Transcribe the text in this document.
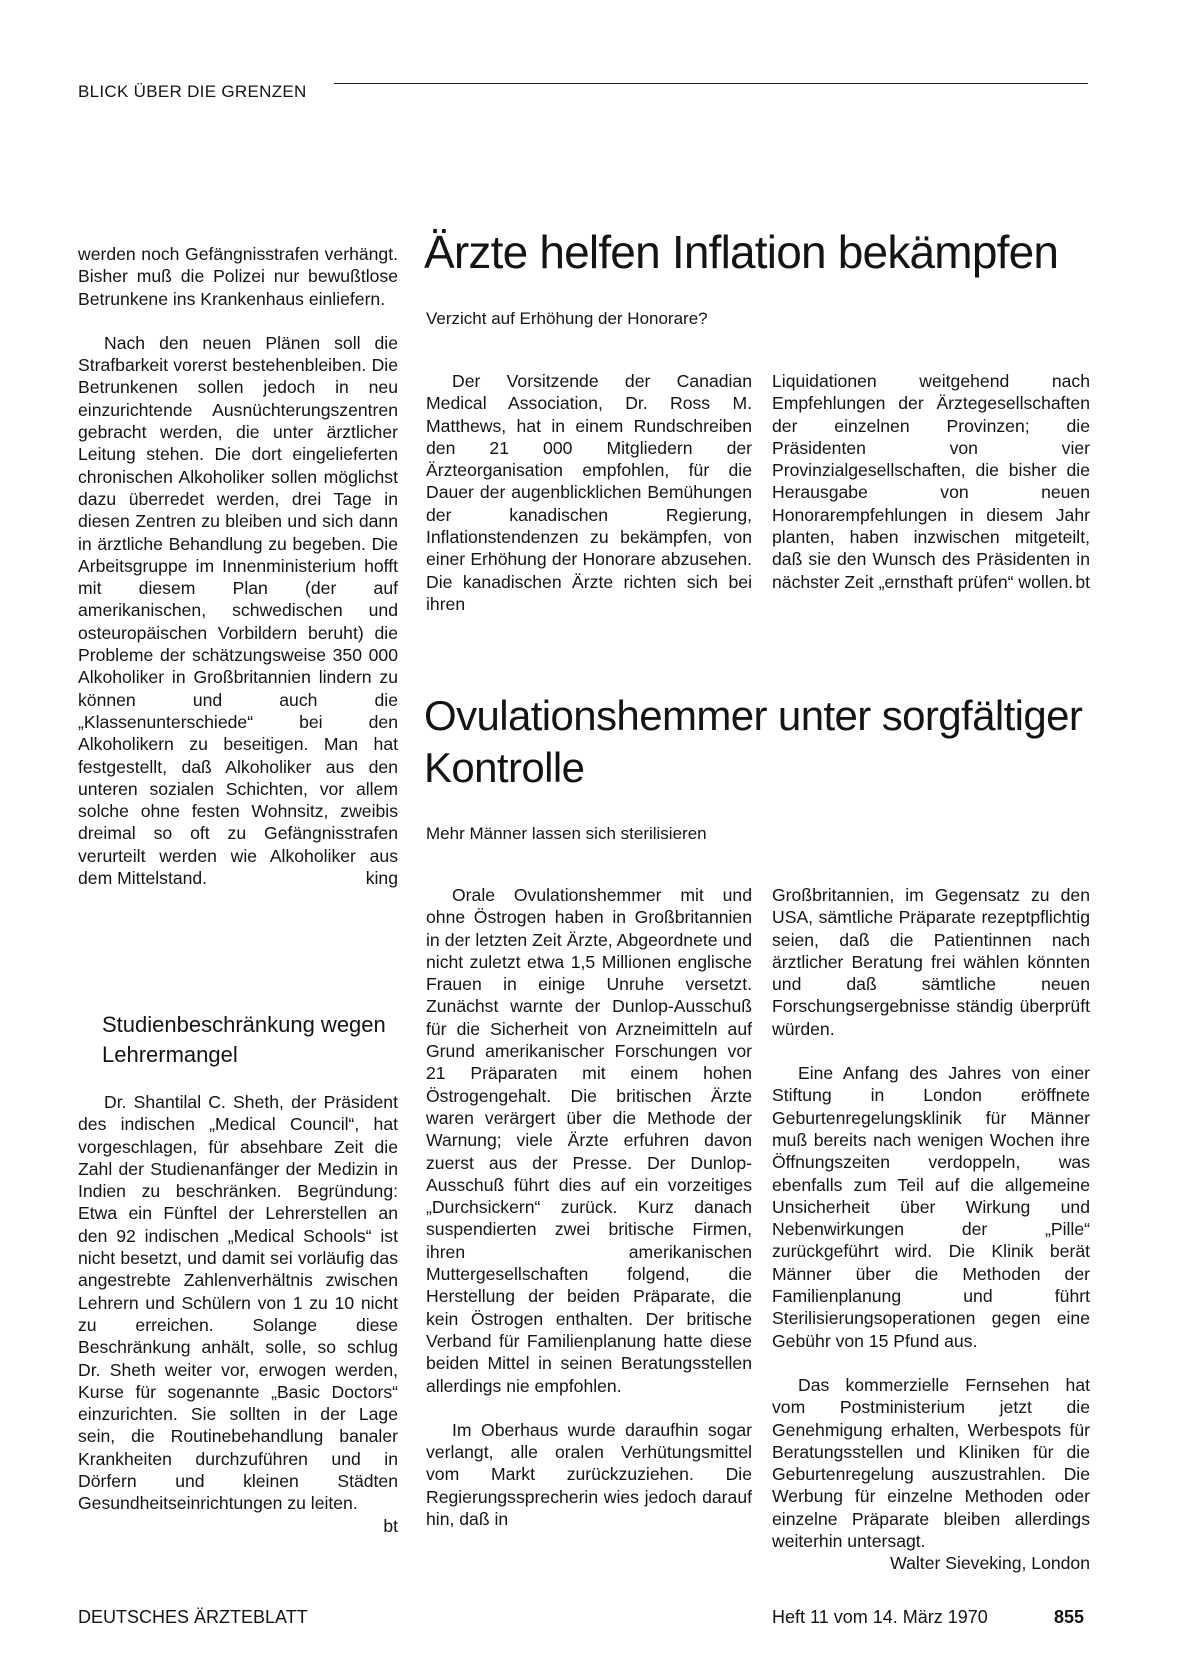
BLICK ÜBER DIE GRENZEN

werden noch Gefängnisstrafen verhängt. Bisher muß die Polizei nur bewußtlose Betrunkene ins Krankenhaus einliefern.

Nach den neuen Plänen soll die Strafbarkeit vorerst bestehenbleiben. Die Betrunkenen sollen jedoch in neu einzurichtende Ausnüchterungszentren gebracht werden, die unter ärztlicher Leitung stehen. Die dort eingelieferten chronischen Alkoholiker sollen möglichst dazu überredet werden, drei Tage in diesen Zentren zu bleiben und sich dann in ärztliche Behandlung zu begeben. Die Arbeitsgruppe im Innenministerium hofft mit diesem Plan (der auf amerikanischen, schwedischen und osteuropäischen Vorbildern beruht) die Probleme der schätzungsweise 350 000 Alkoholiker in Großbritannien lindern zu können und auch die „Klassenunterschiede“ bei den Alkoholikern zu beseitigen. Man hat festgestellt, daß Alkoholiker aus den unteren sozialen Schichten, vor allem solche ohne festen Wohnsitz, zweibis dreimal so oft zu Gefängnisstrafen verurteilt werden wie Alkoholiker aus dem Mittelstand.	king

Studienbeschränkung wegen Lehrermangel

Dr. Shantilal C. Sheth, der Präsident des indischen „Medical Council“, hat vorgeschlagen, für absehbare Zeit die Zahl der Studienanfänger der Medizin in Indien zu beschränken. Begründung: Etwa ein Fünftel der Lehrerstellen an den 92 indischen „Medical Schools“ ist nicht besetzt, und damit sei vorläufig das angestrebte Zahlenverhältnis zwischen Lehrern und Schülern von 1 zu 10 nicht zu erreichen. Solange diese Beschränkung anhält, solle, so schlug Dr. Sheth weiter vor, erwogen werden, Kurse für sogenannte „Basic Doctors“ einzurichten. Sie sollten in der Lage sein, die Routinebehandlung banaler Krankheiten durchzuführen und in Dörfern und kleinen Städten Gesundheitseinrichtungen zu leiten.
bt

Ärzte helfen Inflation bekämpfen
Verzicht auf Erhöhung der Honorare?

Der Vorsitzende der Canadian Medical Association, Dr. Ross M. Matthews, hat in einem Rundschreiben den 21 000 Mitgliedern der Ärzteorganisation empfohlen, für die Dauer der augenblicklichen Bemühungen der kanadischen Regierung, Inflationstendenzen zu bekämpfen, von einer Erhöhung der Honorare abzusehen. Die kanadischen Ärzte richten sich bei ihren

Liquidationen weitgehend nach Empfehlungen der Ärztegesellschaften der einzelnen Provinzen; die Präsidenten von vier Provinzialgesellschaften, die bisher die Herausgabe von neuen Honorarempfehlungen in diesem Jahr planten, haben inzwischen mitgeteilt, daß sie den Wunsch des Präsidenten in nächster Zeit „ernsthaft prüfen“ wollen. bt

Ovulationshemmer unter sorgfältiger Kontrolle
Mehr Männer lassen sich sterilisieren

Orale Ovulationshemmer mit und ohne Östrogen haben in Großbritannien in der letzten Zeit Ärzte, Abgeordnete und nicht zuletzt etwa 1,5 Millionen englische Frauen in einige Unruhe versetzt. Zunächst warnte der Dunlop-Ausschuß für die Sicherheit von Arzneimitteln auf Grund amerikanischer Forschungen vor 21 Präparaten mit einem hohen Östrogengehalt. Die britischen Ärzte waren verärgert über die Methode der Warnung; viele Ärzte erfuhren davon zuerst aus der Presse. Der Dunlop-Ausschuß führt dies auf ein vorzeitiges „Durchsickern“ zurück. Kurz danach suspendierten zwei britische Firmen, ihren amerikanischen Muttergesellschaften folgend, die Herstellung der beiden Präparate, die kein Östrogen enthalten. Der britische Verband für Familienplanung hatte diese beiden Mittel in seinen Beratungsstellen allerdings nie empfohlen.

Im Oberhaus wurde daraufhin sogar verlangt, alle oralen Verhütungsmittel vom Markt zurückzuziehen. Die Regierungssprecherin wies jedoch darauf hin, daß in

Großbritannien, im Gegensatz zu den USA, sämtliche Präparate rezeptpflichtig seien, daß die Patientinnen nach ärztlicher Beratung frei wählen könnten und daß sämtliche neuen Forschungsergebnisse ständig überprüft würden.

Eine Anfang des Jahres von einer Stiftung in London eröffnete Geburtenregelungsklinik für Männer muß bereits nach wenigen Wochen ihre Öffnungszeiten verdoppeln, was ebenfalls zum Teil auf die allgemeine Unsicherheit über Wirkung und Nebenwirkungen der „Pille“ zurückgeführt wird. Die Klinik berät Männer über die Methoden der Familienplanung und führt Sterilisierungsoperationen gegen eine Gebühr von 15 Pfund aus.

Das kommerzielle Fernsehen hat vom Postministerium jetzt die Genehmigung erhalten, Werbespots für Beratungsstellen und Kliniken für die Geburtenregelung auszustrahlen. Die Werbung für einzelne Methoden oder einzelne Präparate bleiben allerdings weiterhin untersagt.
Walter Sieveking, London

DEUTSCHES ÄRZTEBLATT	Heft 11 vom 14. März 1970	855
